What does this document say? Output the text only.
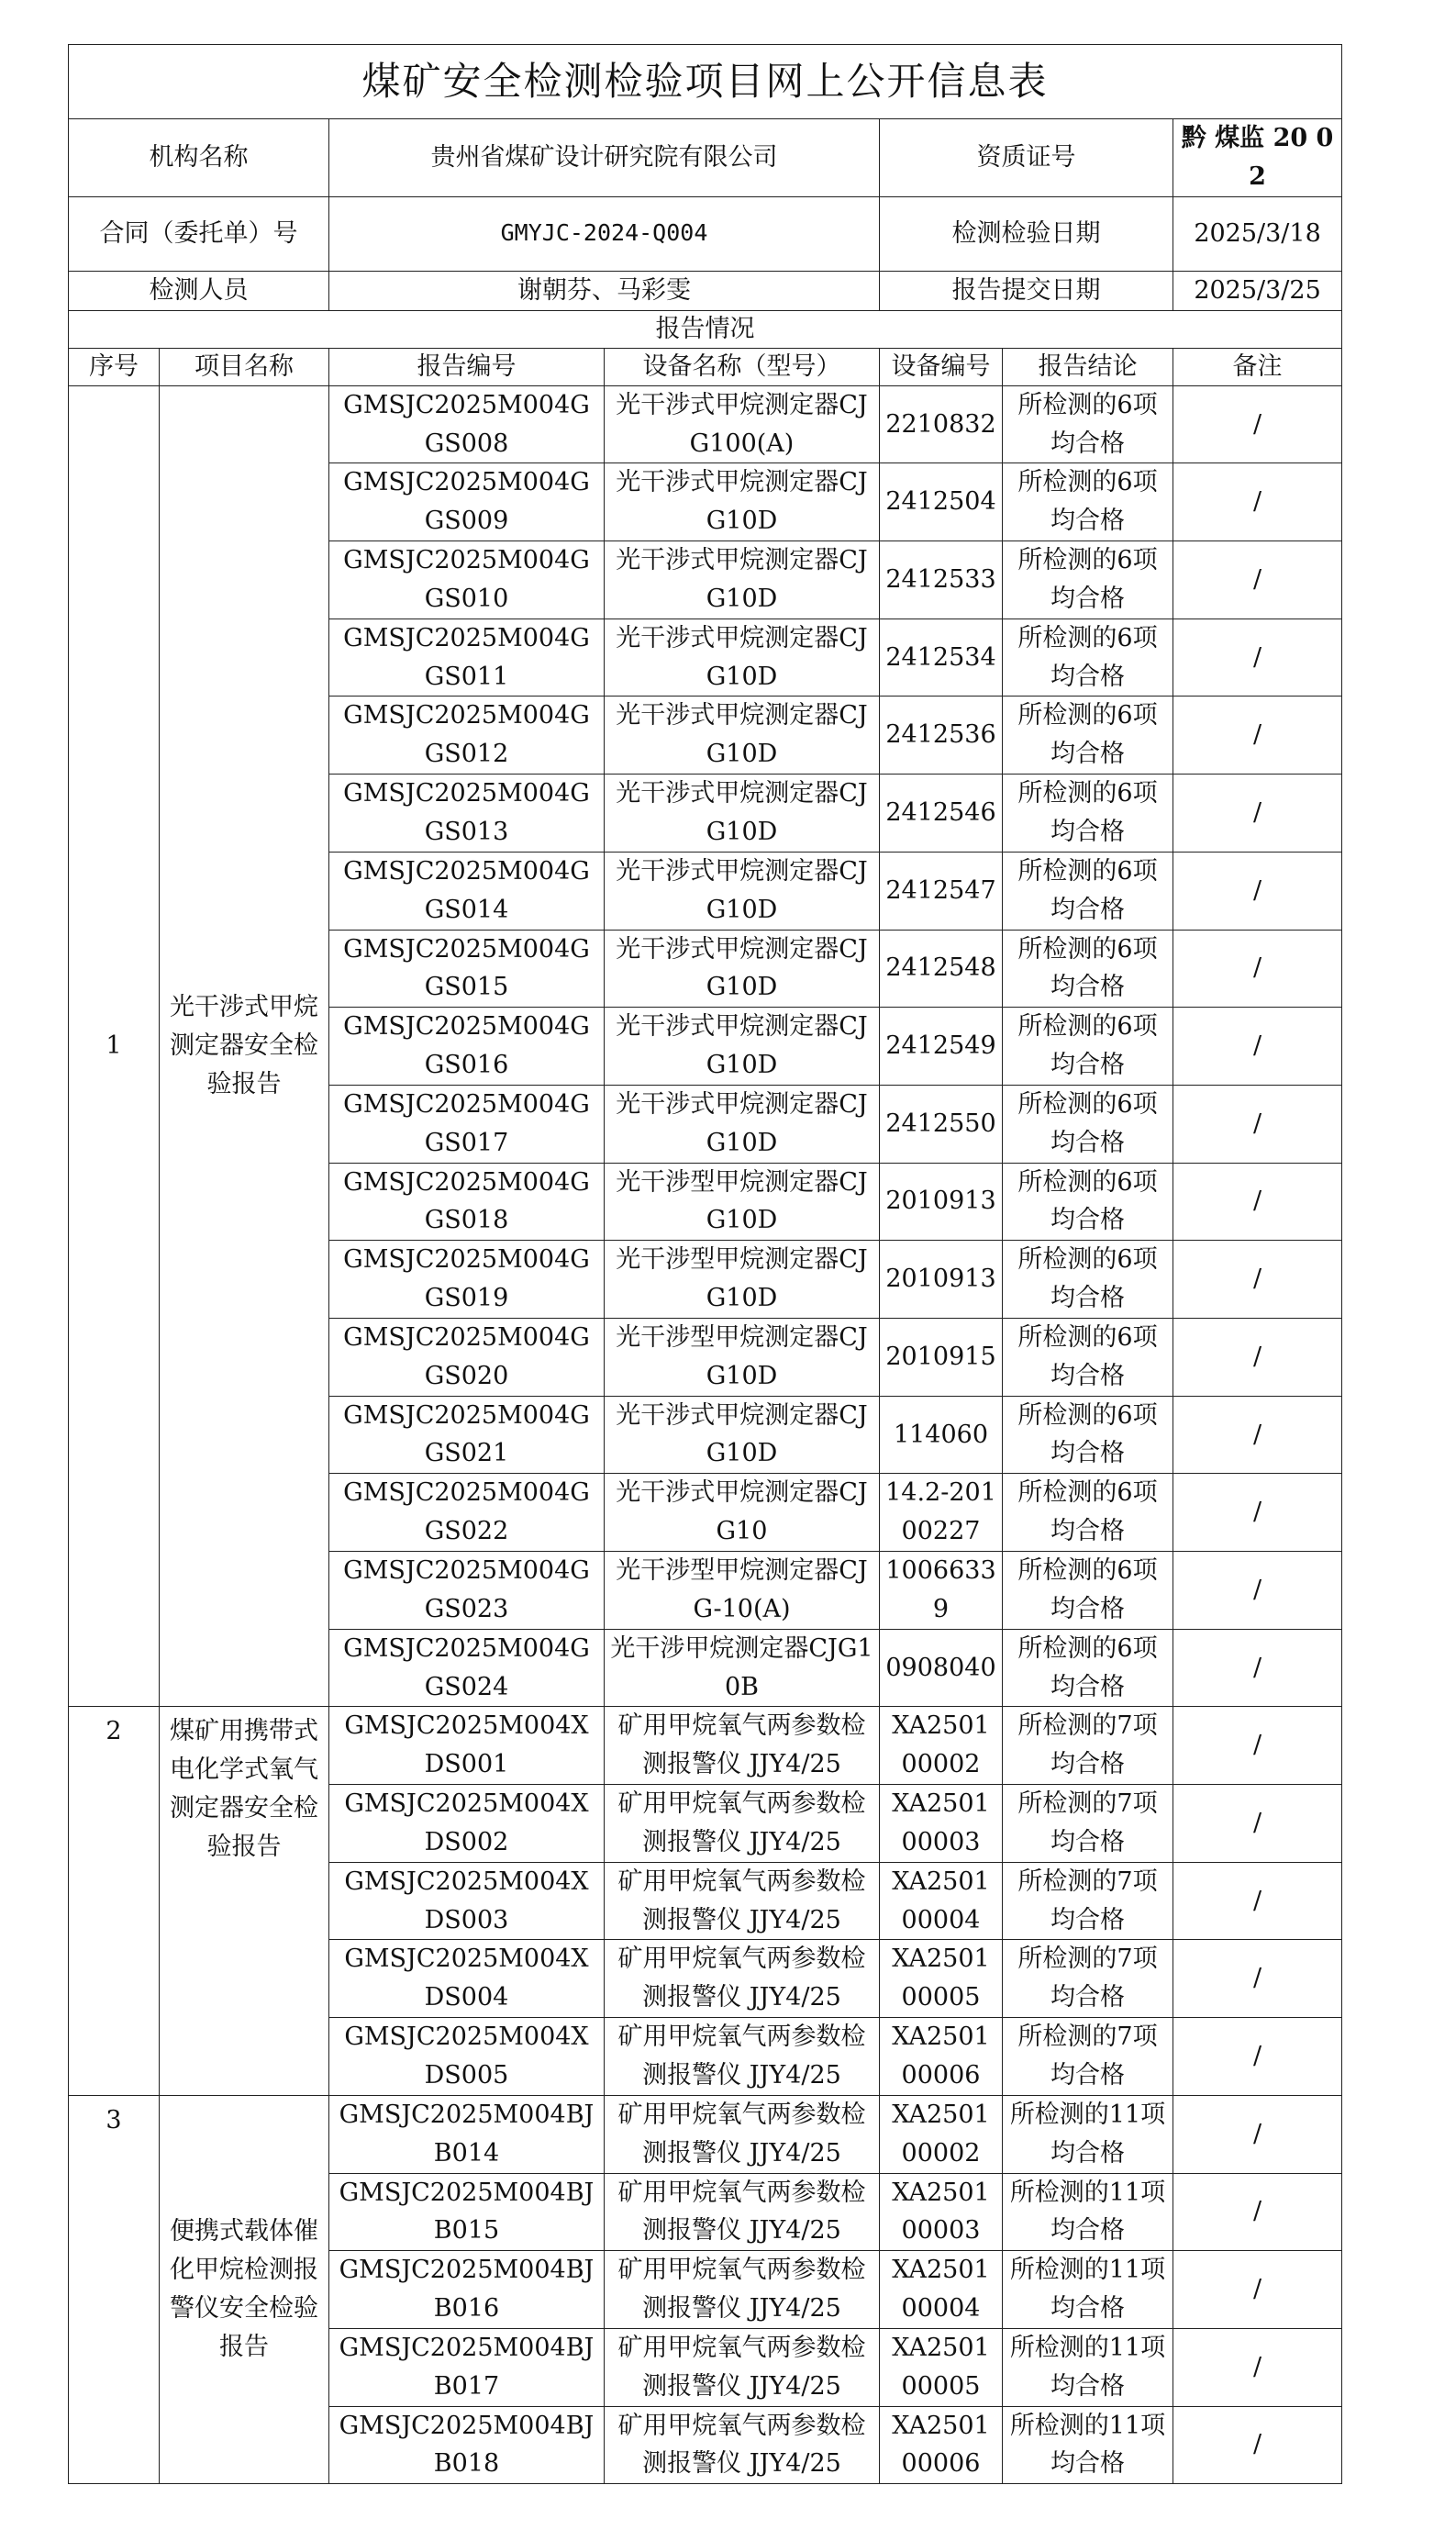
煤矿安全检测检验项目网上公开信息表						
机构名称		贵州省煤矿设计研究院有限公司		资质证号		黔 煤监 20 02
合同（委托单）号		GMYJC-2024-Q004		检测检验日期		2025/3/18
检测人员		谢朝芬、马彩雯		报告提交日期		2025/3/25
报告情况						
序号	项目名称	报告编号	设备名称（型号）	设备编号	报告结论	备注
1	光干涉式甲烷测定器安全检验报告	GMSJC2025M004GGS008	光干涉式甲烷测定器CJG100(A)	2210832	所检测的6项均合格	/
		GMSJC2025M004GGS009	光干涉式甲烷测定器CJG10D	2412504	所检测的6项均合格	/
		GMSJC2025M004GGS010	光干涉式甲烷测定器CJG10D	2412533	所检测的6项均合格	/
		GMSJC2025M004GGS011	光干涉式甲烷测定器CJG10D	2412534	所检测的6项均合格	/
		GMSJC2025M004GGS012	光干涉式甲烷测定器CJG10D	2412536	所检测的6项均合格	/
		GMSJC2025M004GGS013	光干涉式甲烷测定器CJG10D	2412546	所检测的6项均合格	/
		GMSJC2025M004GGS014	光干涉式甲烷测定器CJG10D	2412547	所检测的6项均合格	/
		GMSJC2025M004GGS015	光干涉式甲烷测定器CJG10D	2412548	所检测的6项均合格	/
		GMSJC2025M004GGS016	光干涉式甲烷测定器CJG10D	2412549	所检测的6项均合格	/
		GMSJC2025M004GGS017	光干涉式甲烷测定器CJG10D	2412550	所检测的6项均合格	/
		GMSJC2025M004GGS018	光干涉型甲烷测定器CJG10D	2010913	所检测的6项均合格	/
		GMSJC2025M004GGS019	光干涉型甲烷测定器CJG10D	2010913	所检测的6项均合格	/
		GMSJC2025M004GGS020	光干涉型甲烷测定器CJG10D	2010915	所检测的6项均合格	/
		GMSJC2025M004GGS021	光干涉式甲烷测定器CJG10D	114060	所检测的6项均合格	/
		GMSJC2025M004GGS022	光干涉式甲烷测定器CJG10	14.2-20100227	所检测的6项均合格	/
		GMSJC2025M004GGS023	光干涉型甲烷测定器CJG-10(A)	10066339	所检测的6项均合格	/
		GMSJC2025M004GGS024	光干涉甲烷测定器CJG10B	0908040	所检测的6项均合格	/
2	煤矿用携带式电化学式氧气测定器安全检验报告	GMSJC2025M004XDS001	矿用甲烷氧气两参数检测报警仪 JJY4/25	XA250100002	所检测的7项均合格	/
		GMSJC2025M004XDS002	矿用甲烷氧气两参数检测报警仪 JJY4/25	XA250100003	所检测的7项均合格	/
		GMSJC2025M004XDS003	矿用甲烷氧气两参数检测报警仪 JJY4/25	XA250100004	所检测的7项均合格	/
		GMSJC2025M004XDS004	矿用甲烷氧气两参数检测报警仪 JJY4/25	XA250100005	所检测的7项均合格	/
		GMSJC2025M004XDS005	矿用甲烷氧气两参数检测报警仪 JJY4/25	XA250100006	所检测的7项均合格	/
3	便携式载体催化甲烷检测报警仪安全检验报告	GMSJC2025M004BJB014	矿用甲烷氧气两参数检测报警仪 JJY4/25	XA250100002	所检测的11项均合格	/
		GMSJC2025M004BJB015	矿用甲烷氧气两参数检测报警仪 JJY4/25	XA250100003	所检测的11项均合格	/
		GMSJC2025M004BJB016	矿用甲烷氧气两参数检测报警仪 JJY4/25	XA250100004	所检测的11项均合格	/
		GMSJC2025M004BJB017	矿用甲烷氧气两参数检测报警仪 JJY4/25	XA250100005	所检测的11项均合格	/
		GMSJC2025M004BJB018	矿用甲烷氧气两参数检测报警仪 JJY4/25	XA250100006	所检测的11项均合格	/
